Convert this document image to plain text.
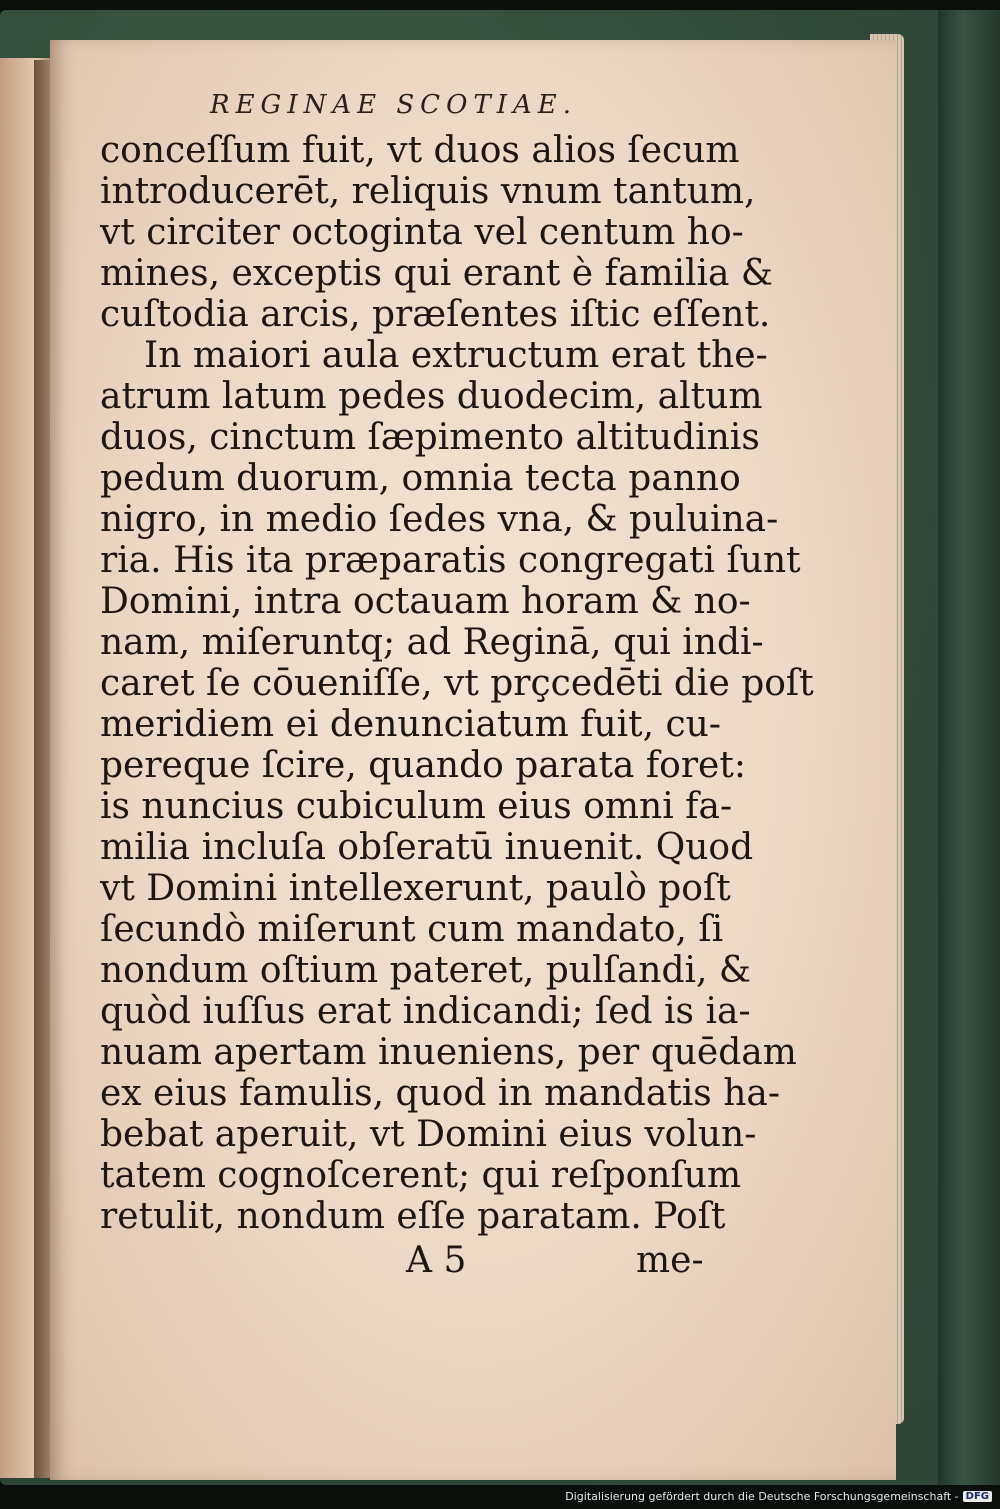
REGINAE SCOTIAE.
conceſſum fuit, vt duos alios ſecum
introducerēt, reliquis vnum tantum,
vt circiter octoginta vel centum ho-
mines, exceptis qui erant è familia &
cuſtodia arcis, præſentes iſtic eſſent.
In maiori aula extructum erat the-
atrum latum pedes duodecim, altum
duos, cinctum ſæpimento altitudinis
pedum duorum, omnia tecta panno
nigro, in medio ſedes vna, & puluina-
ria. His ita præparatis congregati ſunt
Domini, intra octauam horam & no-
nam, miſeruntq; ad Reginā, qui indi-
caret ſe cōueniſſe, vt prçcedēti die poſt
meridiem ei denunciatum fuit, cu-
pereque ſcire, quando parata foret:
is nuncius cubiculum eius omni fa-
milia incluſa obſeratū inuenit. Quod
vt Domini intellexerunt, paulò poſt
ſecundò miſerunt cum mandato, ſi
nondum oſtium pateret, pulſandi, &
quòd iuſſus erat indicandi; ſed is ia-
nuam apertam inueniens, per quēdam
ex eius famulis, quod in mandatis ha-
bebat aperuit, vt Domini eius volun-
tatem cognoſcerent; qui reſponſum
retulit, nondum eſſe paratam. Poſt
A 5	me-
Digitalisierung gefördert durch die Deutsche Forschungsgemeinschaft - DFG
